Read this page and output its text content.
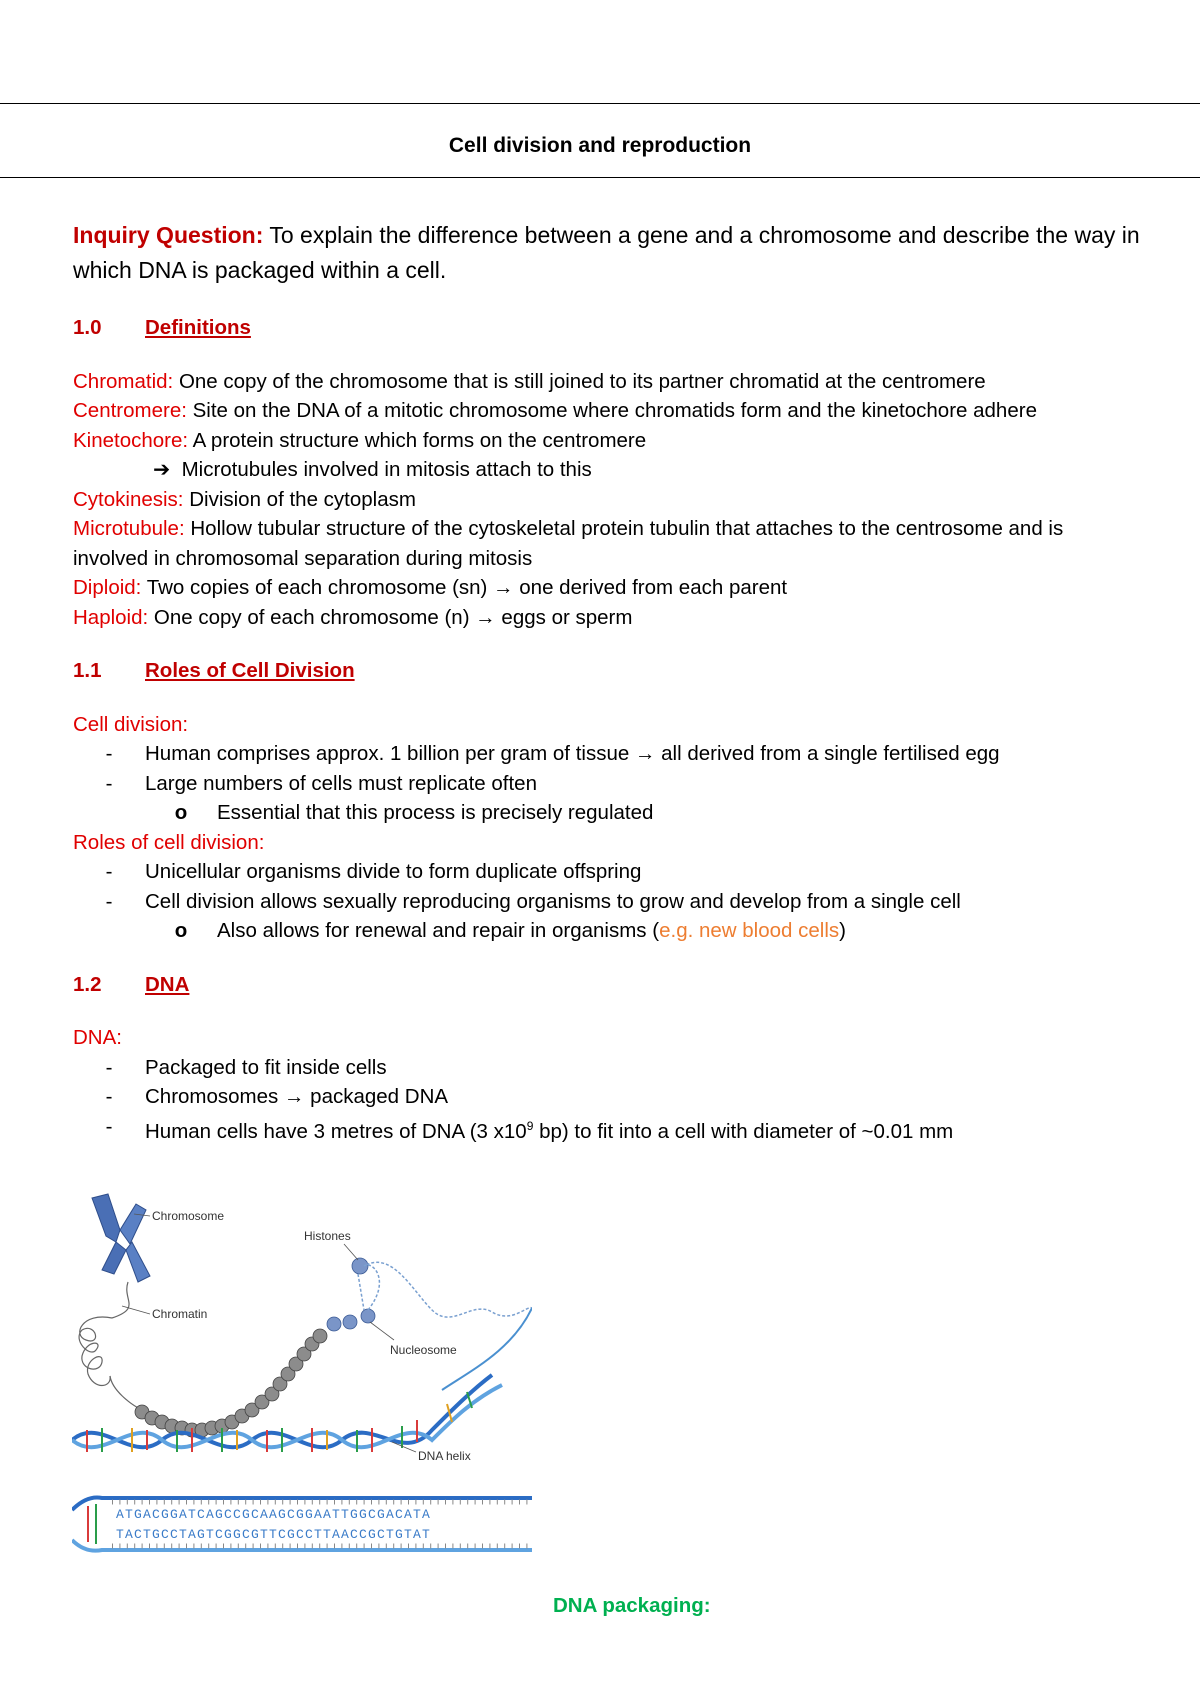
Cell division and reproduction
Inquiry Question: To explain the difference between a gene and a chromosome and describe the way in which DNA is packaged within a cell.
1.0	Definitions
Chromatid: One copy of the chromosome that is still joined to its partner chromatid at the centromere
Centromere: Site on the DNA of a mitotic chromosome where chromatids form and the kinetochore adhere
Kinetochore: A protein structure which forms on the centromere
➔  Microtubules involved in mitosis attach to this
Cytokinesis: Division of the cytoplasm
Microtubule: Hollow tubular structure of the cytoskeletal protein tubulin that attaches to the centrosome and is involved in chromosomal separation during mitosis
Diploid: Two copies of each chromosome (sn) → one derived from each parent
Haploid: One copy of each chromosome (n) → eggs or sperm
1.1	Roles of Cell Division
Cell division:
-	Human comprises approx. 1 billion per gram of tissue → all derived from a single fertilised egg
-	Large numbers of cells must replicate often
o	Essential that this process is precisely regulated
Roles of cell division:
-	Unicellular organisms divide to form duplicate offspring
-	Cell division allows sexually reproducing organisms to grow and develop from a single cell
o	Also allows for renewal and repair in organisms (e.g. new blood cells)
1.2	DNA
DNA:
-	Packaged to fit inside cells
-	Chromosomes → packaged DNA
-	Human cells have 3 metres of DNA (3 $x10^9$ bp) to fit into a cell with diameter of ~0.01 mm
Chromosome
Chromatin
Histones
Nucleosome
DNA helix
ATGACGGATCAGCCGCAAGCGGAATTGGCGACATA
TACTGCCTAGTCGGCGTTCGCCTTAACCGCTGTAT
DNA packaging:
